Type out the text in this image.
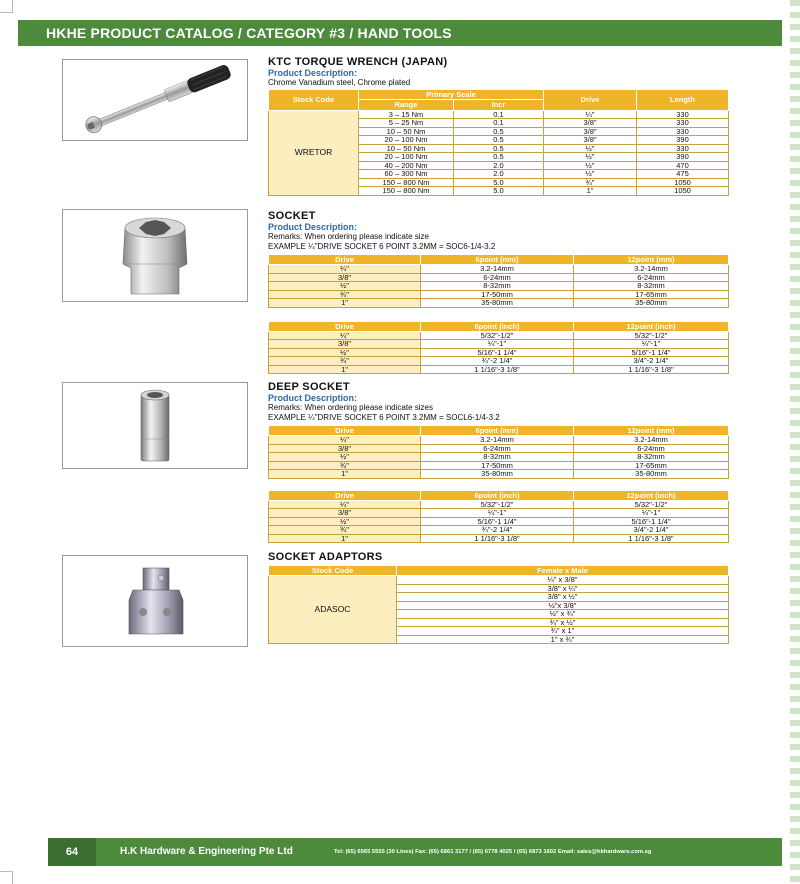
HKHE PRODUCT CATALOG / CATEGORY #3 / HAND TOOLS

KTC TORQUE WRENCH (JAPAN)

Product Description:

Chrome Vanadium steel, Chrome plated

Stock Code	Primary Scale		Drive	Length
	Range	Incr		
WRETOR	3 – 15 Nm	0.1	¼"	330
	5 – 25 Nm	0.1	3/8"	330
	10 – 50 Nm	0.5	3/8"	330
	20 – 100 Nm	0.5	3/8"	390
	10 – 50 Nm	0.5	½"	330
	20 – 100 Nm	0.5	½"	390
	40 – 200 Nm	2.0	½"	470
	60 – 300 Nm	2.0	½"	475
	150 – 800 Nm	5.0	¾"	1050
	150 – 800 Nm	5.0	1"	1050

SOCKET

Product Description:

Remarks: When ordering please indicate size

EXAMPLE ¼"DRIVE SOCKET 6 POINT 3.2MM = SOC6-1/4-3.2

Drive	6point (mm)	12point (mm)
¼"	3.2-14mm	3.2-14mm
3/8"	6-24mm	6-24mm
½"	8-32mm	8-32mm
¾"	17-50mm	17-65mm
1"	35-80mm	35-80mm
Drive	6point (inch)	12point (inch)
¼"	5/32"-1/2"	5/32"-1/2"
3/8"	¼"-1"	¼"-1"
½"	5/16"-1 1/4"	5/16"-1 1/4"
¾"	¾"-2 1/4"	3/4"-2 1/4"
1"	1 1/16"-3 1/8"	1 1/16"-3 1/8"

DEEP SOCKET

Product Description:

Remarks: When ordering please indicate sizes

EXAMPLE ¼"DRIVE SOCKET 6 POINT 3.2MM = SOCL6-1/4-3.2

Drive	6point (mm)	12point (mm)
¼"	3.2-14mm	3.2-14mm
3/8"	6-24mm	6-24mm
½"	8-32mm	8-32mm
¾"	17-50mm	17-65mm
1"	35-80mm	35-80mm
Drive	6point (inch)	12point (inch)
¼"	5/32"-1/2"	5/32"-1/2"
3/8"	¼"-1"	¼"-1"
½"	5/16"-1 1/4"	5/16"-1 1/4"
¾"	¾"-2 1/4"	3/4"-2 1/4"
1"	1 1/16"-3 1/8"	1 1/16"-3 1/8"

SOCKET ADAPTORS

Stock Code	Female x Male
ADASOC	¼" x 3/8"
	3/8" x ¼"
	3/8" x ½"
	½"x 3/8"
	½" x ¾"
	¾" x ½"
	¾" x 1"
	1" x ¾"
64	H.K Hardware & Engineering Pte Ltd	Tel: (65) 6565 5555 (30 Lines) Fax: (65) 6861 3177 / (65) 6778 4025 / (65) 6873 1602 Email: sales@hkhardware.com.sg
